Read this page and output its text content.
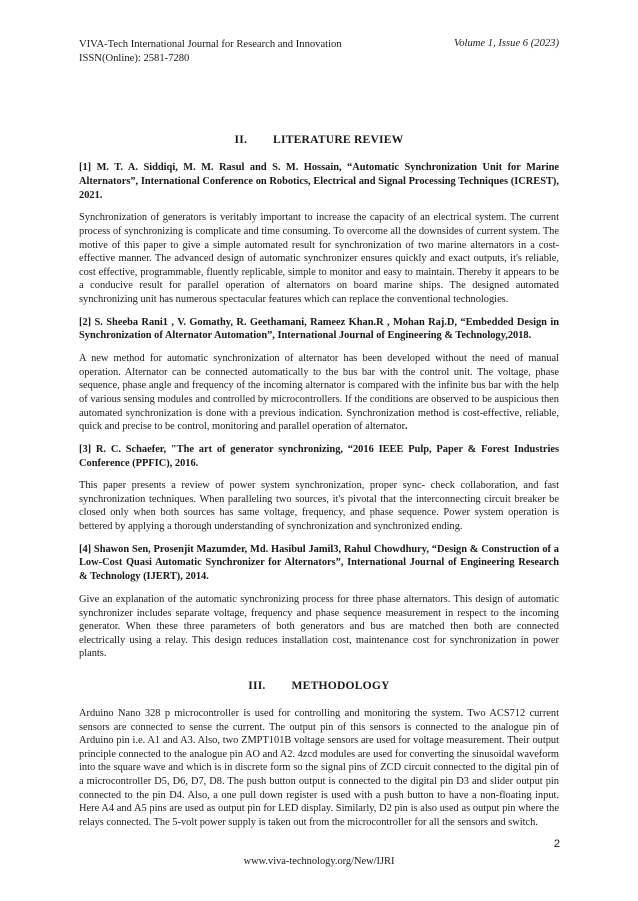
VIVA-Tech International Journal for Research and Innovation
ISSN(Online): 2581-7280
Volume 1, Issue 6 (2023)
II. LITERATURE REVIEW
[1] M. T. A. Siddiqi, M. M. Rasul and S. M. Hossain, “Automatic Synchronization Unit for Marine Alternators”, International Conference on Robotics, Electrical and Signal Processing Techniques (ICREST), 2021.
Synchronization of generators is veritably important to increase the capacity of an electrical system. The current process of synchronizing is complicate and time consuming. To overcome all the downsides of current system. The motive of this paper to give a simple automated result for synchronization of two marine alternators in a cost-effective manner. The advanced design of automatic synchronizer ensures quickly and exact outputs, it's reliable, cost effective, programmable, fluently replicable, simple to monitor and easy to maintain. Thereby it appears to be a conducive result for parallel operation of alternators on board marine ships. The designed automated synchronizing unit has numerous spectacular features which can replace the conventional technologies.
[2] S. Sheeba Rani1 , V. Gomathy, R. Geethamani, Rameez Khan.R , Mohan Raj.D, “Embedded Design in Synchronization of Alternator Automation”, International Journal of Engineering & Technology,2018.
A new method for automatic synchronization of alternator has been developed without the need of manual operation. Alternator can be connected automatically to the bus bar with the control unit. The voltage, phase sequence, phase angle and frequency of the incoming alternator is compared with the infinite bus bar with the help of various sensing modules and controlled by microcontrollers. If the conditions are observed to be auspicious then automated synchronization is done with a previous indication. Synchronization method is cost-effective, reliable, quick and precise to be control, monitoring and parallel operation of alternator.
[3] R. C. Schaefer, "The art of generator synchronizing, “2016 IEEE Pulp, Paper & Forest Industries Conference (PPFIC), 2016.
This paper presents a review of power system synchronization, proper sync- check collaboration, and fast synchronization techniques. When paralleling two sources, it's pivotal that the interconnecting circuit breaker be closed only when both sources has same voltage, frequency, and phase sequence. Power system operation is bettered by applying a thorough understanding of synchronization and synchronized ending.
[4] Shawon Sen, Prosenjit Mazumder, Md. Hasibul Jamil3, Rahul Chowdhury, “Design & Construction of a Low-Cost Quasi Automatic Synchronizer for Alternators”, International Journal of Engineering Research & Technology (IJERT), 2014.
Give an explanation of the automatic synchronizing process for three phase alternators. This design of automatic synchronizer includes separate voltage, frequency and phase sequence measurement in respect to the incoming generator. When these three parameters of both generators and bus are matched then both are connected electrically using a relay. This design reduces installation cost, maintenance cost for synchronization in power plants.
III. METHODOLOGY
Arduino Nano 328 p microcontroller is used for controlling and monitoring the system. Two ACS712 current sensors are connected to sense the current. The output pin of this sensors is connected to the analogue pin of Arduino pin i.e. A1 and A3. Also, two ZMPT101B voltage sensors are used for voltage measurement. Their output principle connected to the analogue pin AO and A2. 4zcd modules are used for converting the sinusoidal waveform into the square wave and which is in discrete form so the signal pins of ZCD circuit connected to the digital pin of a microcontroller D5, D6, D7, D8. The push button output is connected to the digital pin D3 and slider output pin connected to the pin D4. Also, a one pull down register is used with a push button to have a non-floating input. Here A4 and A5 pins are used as output pin for LED display. Similarly, D2 pin is also used as output pin where the relays connected. The 5-volt power supply is taken out from the microcontroller for all the sensors and switch.
2
www.viva-technology.org/New/IJRI
